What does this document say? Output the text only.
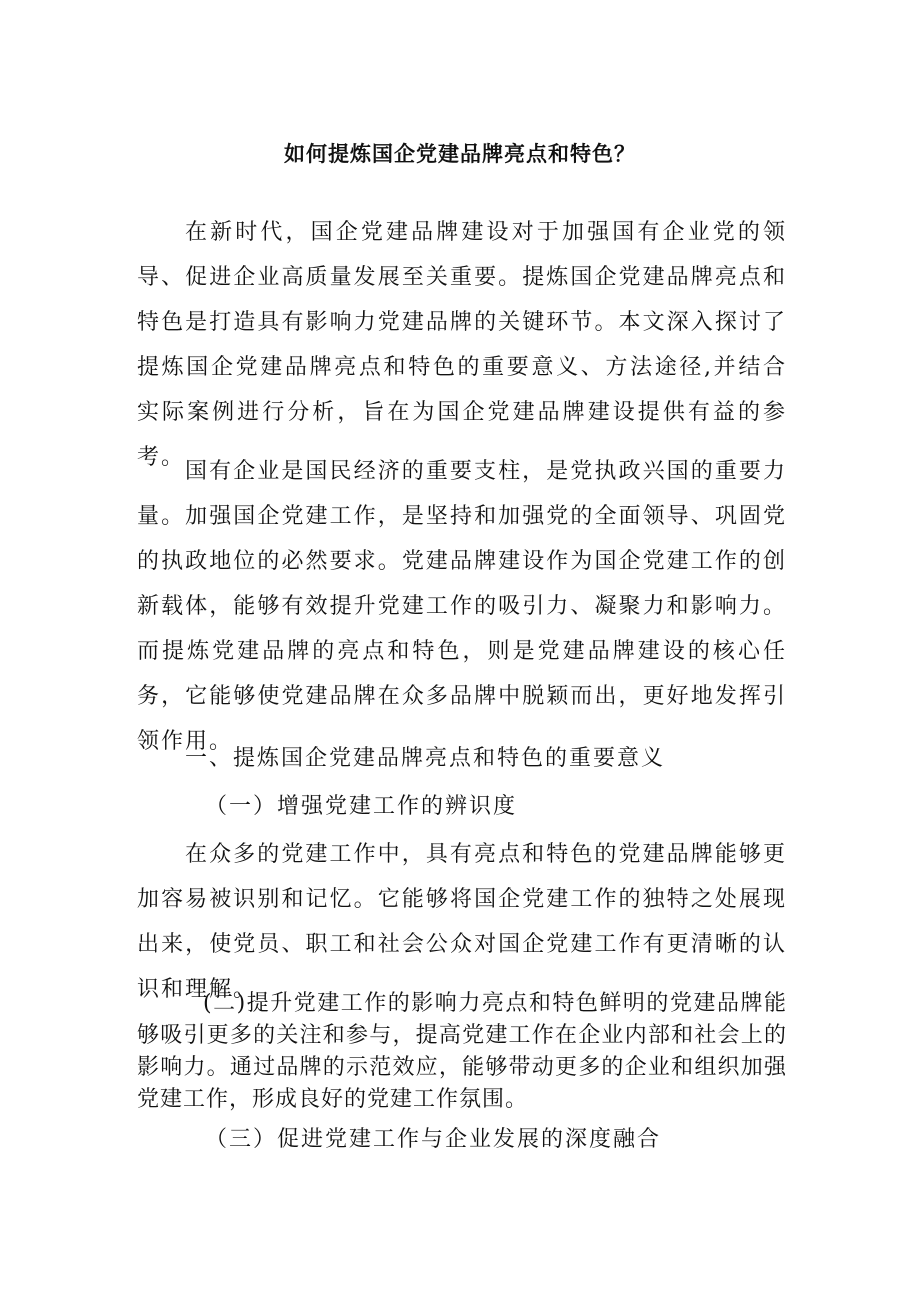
如何提炼国企党建品牌亮点和特色？

在新时代，国企党建品牌建设对于加强国有企业党的领导、促进企业高质量发展至关重要。提炼国企党建品牌亮点和特色是打造具有影响力党建品牌的关键环节。本文深入探讨了提炼国企党建品牌亮点和特色的重要意义、方法途径,并结合实际案例进行分析，旨在为国企党建品牌建设提供有益的参考。

国有企业是国民经济的重要支柱，是党执政兴国的重要力量。加强国企党建工作，是坚持和加强党的全面领导、巩固党的执政地位的必然要求。党建品牌建设作为国企党建工作的创新载体，能够有效提升党建工作的吸引力、凝聚力和影响力。而提炼党建品牌的亮点和特色，则是党建品牌建设的核心任务，它能够使党建品牌在众多品牌中脱颖而出，更好地发挥引领作用。

一、提炼国企党建品牌亮点和特色的重要意义

（一）增强党建工作的辨识度

在众多的党建工作中，具有亮点和特色的党建品牌能够更加容易被识别和记忆。它能够将国企党建工作的独特之处展现出来，使党员、职工和社会公众对国企党建工作有更清晰的认识和理解。

(二)提升党建工作的影响力亮点和特色鲜明的党建品牌能够吸引更多的关注和参与，提高党建工作在企业内部和社会上的影响力。通过品牌的示范效应，能够带动更多的企业和组织加强党建工作，形成良好的党建工作氛围。

（三）促进党建工作与企业发展的深度融合
